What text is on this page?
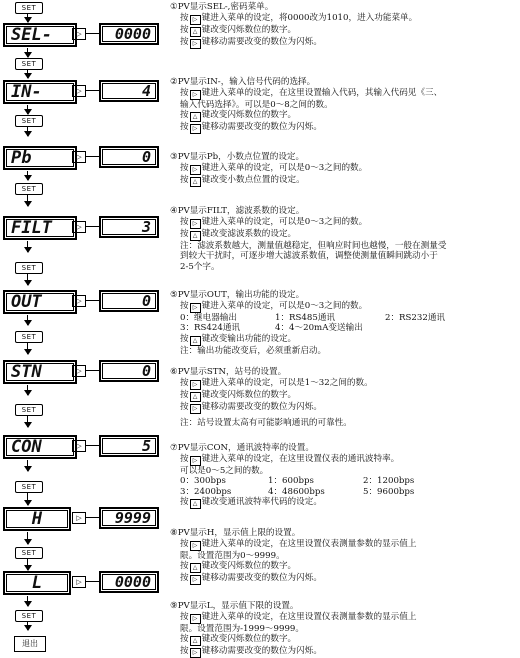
SET
SEL-	▷	0000
SET
IN-	▷	4
SET
Pb	▷	0
SET
FILT	▷	3
SET
OUT	▷	0
SET
STN	▷	0
SET
CON	▷	5
SET
H	▷	9999
SET
L	▷	0000
SET
退出

①PV显示SEL-,密码菜单。

按 ▷ 键进入菜单的设定，将0000改为1010，进入功能菜单。

按 △ 键改变闪烁数位的数字。

按 ▷ 键移动需要改变的数位为闪烁。

②PV显示IN-，输入信号代码的选择。

按 ▷ 键进入菜单的设定，在这里设置输入代码，其输入代码见《三、

输入代码选择》。可以是0～8之间的数。

按 △ 键改变闪烁数位的数字。

按 ▷ 键移动需要改变的数位为闪烁。

③PV显示Pb，小数点位置的设定。

按 ▷ 键进入菜单的设定，可以是0～3之间的数。

按 △ 键改变小数点位置的设定。

④PV显示FILT，滤波系数的设定。

按 ▷ 键进入菜单的设定，可以是0～3之间的数。

按 △ 键改变滤波系数的设定。

注：滤波系数越大，测量值越稳定，但响应时间也越慢，一般在测量受

到较大干扰时，可逐步增大滤波系数值，调整使测量值瞬间跳动小于

2-5个字。

⑤PV显示OUT，输出功能的设定。

按 ▷ 键进入菜单的设定，可以是0～3之间的数。

0：继电器输出	1：RS485通讯	2：RS232通讯

3：RS424通讯	4：4～20mA变送输出

按 △ 键改变输出功能的设定。

注：输出功能改变后，必须重新启动。

⑥PV显示STN，站号的设置。

按 ▷ 键进入菜单的设定，可以是1～32之间的数。

按 △ 键改变闪烁数位的数字。

按 ▷ 键移动需要改变的数位为闪烁。

注：站号设置太高有可能影响通讯的可靠性。

⑦PV显示CON，通讯波特率的设置。

按 ▷ 键进入菜单的设定，在这里设置仪表的通讯波特率。

可以是0～5之间的数。

0：300bps	1：600bps	2：1200bps

3：2400bps	4：48600bps	5：9600bps

按 △ 键改变通讯波特率代码的设定。

⑧PV显示H，显示值上限的设置。

按 ▷ 键进入菜单的设定，在这里设置仪表测量参数的显示值上

限。设置范围为0～9999。

按 △ 键改变闪烁数位的数字。

按 ▷ 键移动需要改变的数位为闪烁。

⑨PV显示L，显示值下限的设置。

按 ▷ 键进入菜单的设定，在这里设置仪表测量参数的显示值上

限。设置范围为-1999～9999。

按 △ 键改变闪烁数位的数字。

按 ▷ 键移动需要改变的数位为闪烁。
